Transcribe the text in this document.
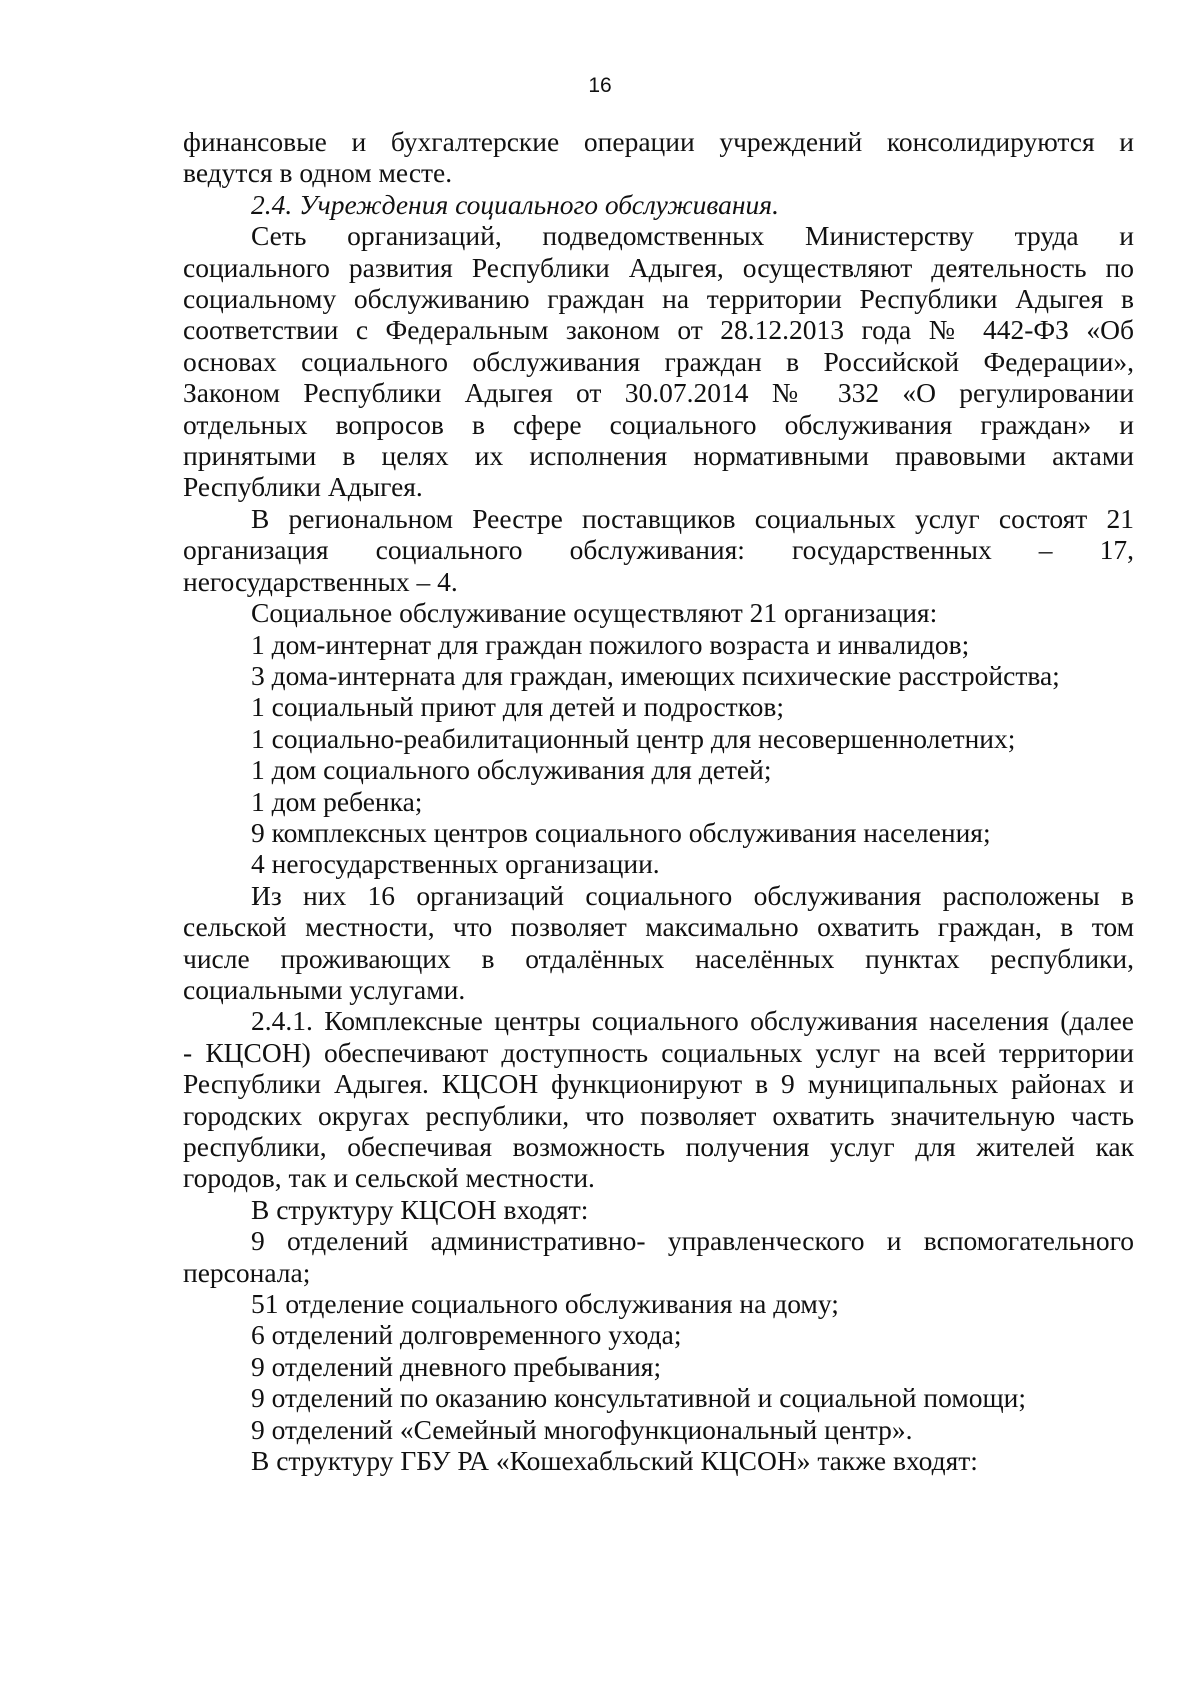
16

финансовые и бухгалтерские операции учреждений консолидируются и

ведутся в одном месте.

2.4. Учреждения социального обслуживания.

Сеть организаций, подведомственных Министерству труда и

социального развития Республики Адыгея, осуществляют деятельность по

социальному обслуживанию граждан на территории Республики Адыгея в

соответствии с Федеральным законом от 28.12.2013 года № 442-ФЗ «Об

основах социального обслуживания граждан в Российской Федерации»,

Законом Республики Адыгея от 30.07.2014 № 332 «О регулировании

отдельных вопросов в сфере социального обслуживания граждан» и

принятыми в целях их исполнения нормативными правовыми актами

Республики Адыгея.

В региональном Реестре поставщиков социальных услуг состоят 21

организация социального обслуживания: государственных – 17,

негосударственных – 4.

Социальное обслуживание осуществляют 21 организация:

1 дом-интернат для граждан пожилого возраста и инвалидов;

3 дома-интерната для граждан, имеющих психические расстройства;

1 социальный приют для детей и подростков;

1 социально-реабилитационный центр для несовершеннолетних;

1 дом социального обслуживания для детей;

1 дом ребенка;

9 комплексных центров социального обслуживания населения;

4 негосударственных организации.

Из них 16 организаций социального обслуживания расположены в

сельской местности, что позволяет максимально охватить граждан, в том

числе проживающих в отдалённых населённых пунктах республики,

социальными услугами.

2.4.1. Комплексные центры социального обслуживания населения (далее

- КЦСОН) обеспечивают доступность социальных услуг на всей территории

Республики Адыгея. КЦСОН функционируют в 9 муниципальных районах и

городских округах республики, что позволяет охватить значительную часть

республики, обеспечивая возможность получения услуг для жителей как

городов, так и сельской местности.

В структуру КЦСОН входят:

9 отделений административно- управленческого и вспомогательного

персонала;

51 отделение социального обслуживания на дому;

6 отделений долговременного ухода;

9 отделений дневного пребывания;

9 отделений по оказанию консультативной и социальной помощи;

9 отделений «Семейный многофункциональный центр».

В структуру ГБУ РА «Кошехабльский КЦСОН» также входят:
